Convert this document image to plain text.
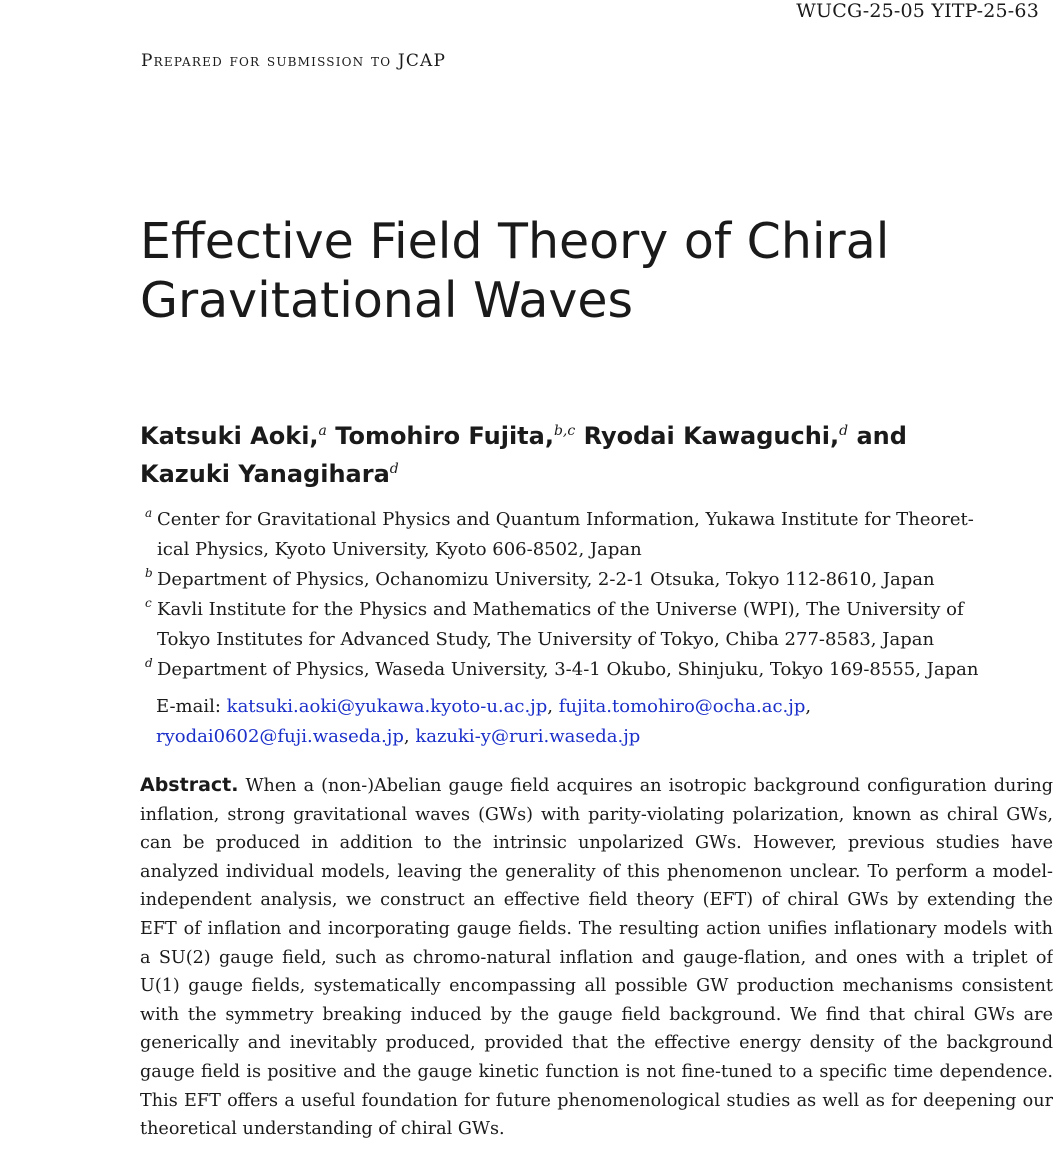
WUCG-25-05 YITP-25-63
Prepared for submission to JCAP
Effective Field Theory of Chiral
Gravitational Waves
Katsuki Aoki,$^a$ Tomohiro Fujita,$^{b,c}$ Ryodai Kawaguchi,$^d$ and
Kazuki Yanagihara$^d$
a Center for Gravitational Physics and Quantum Information, Yukawa Institute for Theoret-
ical Physics, Kyoto University, Kyoto 606-8502, Japan
b Department of Physics, Ochanomizu University, 2-2-1 Otsuka, Tokyo 112-8610, Japan
c Kavli Institute for the Physics and Mathematics of the Universe (WPI), The University of
Tokyo Institutes for Advanced Study, The University of Tokyo, Chiba 277-8583, Japan
d Department of Physics, Waseda University, 3-4-1 Okubo, Shinjuku, Tokyo 169-8555, Japan
E-mail: katsuki.aoki@yukawa.kyoto-u.ac.jp, fujita.tomohiro@ocha.ac.jp,
ryodai0602@fuji.waseda.jp, kazuki-y@ruri.waseda.jp

Abstract. When a (non-)Abelian gauge field acquires an isotropic background configuration during inflation, strong gravitational waves (GWs) with parity-violating polarization, known as chiral GWs, can be produced in addition to the intrinsic unpolarized GWs. However, previous studies have analyzed individual models, leaving the generality of this phenomenon unclear. To perform a model-independent analysis, we construct an effective field theory (EFT) of chiral GWs by extending the EFT of inflation and incorporating gauge fields. The resulting action unifies inflationary models with a SU(2) gauge field, such as chromo-natural inflation and gauge-flation, and ones with a triplet of U(1) gauge fields, systematically encompassing all possible GW production mechanisms consistent with the symmetry breaking induced by the gauge field background. We find that chiral GWs are generically and inevitably produced, provided that the effective energy density of the background gauge field is positive and the gauge kinetic function is not fine-tuned to a specific time dependence. This EFT offers a useful foundation for future phenomenological studies as well as for deepening our theoretical understanding of chiral GWs.
